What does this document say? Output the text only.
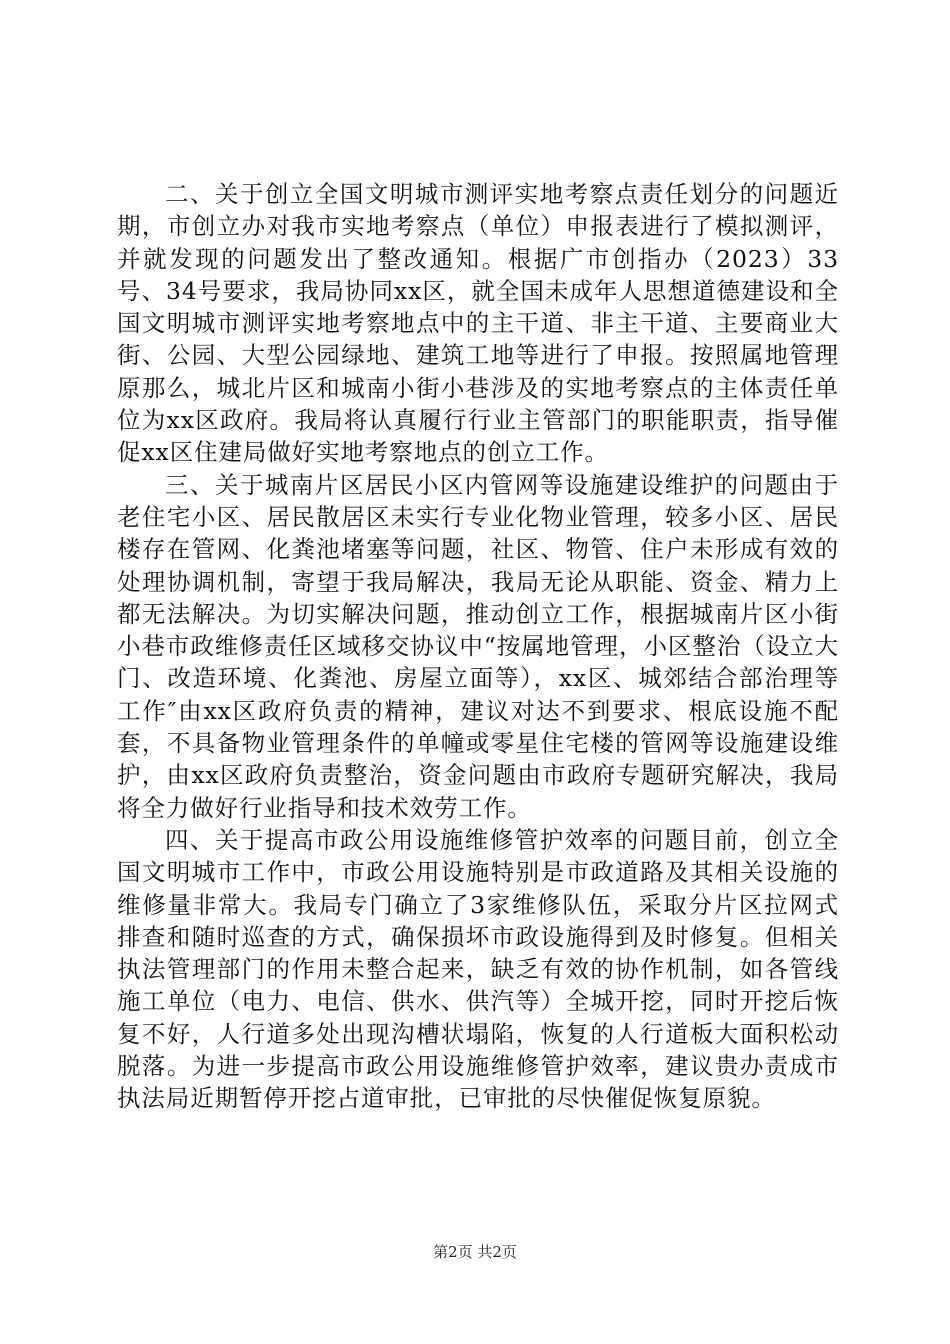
二、关于创立全国文明城市测评实地考察点责任划分的问题近期，市创立办对我市实地考察点（单位）申报表进行了模拟测评，并就发现的问题发出了整改通知。根据广市创指办（2023）33号、34号要求，我局协同xx区，就全国未成年人思想道德建设和全国文明城市测评实地考察地点中的主干道、非主干道、主要商业大街、公园、大型公园绿地、建筑工地等进行了申报。按照属地管理原那么，城北片区和城南小街小巷涉及的实地考察点的主体责任单位为xx区政府。我局将认真履行行业主管部门的职能职责，指导催促xx区住建局做好实地考察地点的创立工作。

三、关于城南片区居民小区内管网等设施建设维护的问题由于老住宅小区、居民散居区未实行专业化物业管理，较多小区、居民楼存在管网、化粪池堵塞等问题，社区、物管、住户未形成有效的处理协调机制，寄望于我局解决，我局无论从职能、资金、精力上都无法解决。为切实解决问题，推动创立工作，根据城南片区小街小巷市政维修责任区域移交协议中“按属地管理，小区整治（设立大门、改造环境、化粪池、房屋立面等），xx区、城郊结合部治理等工作″由xx区政府负责的精神，建议对达不到要求、根底设施不配套，不具备物业管理条件的单幢或零星住宅楼的管网等设施建设维护，由xx区政府负责整治，资金问题由市政府专题研究解决，我局将全力做好行业指导和技术效劳工作。

四、关于提高市政公用设施维修管护效率的问题目前，创立全国文明城市工作中，市政公用设施特别是市政道路及其相关设施的维修量非常大。我局专门确立了3家维修队伍，采取分片区拉网式排查和随时巡查的方式，确保损坏市政设施得到及时修复。但相关执法管理部门的作用未整合起来，缺乏有效的协作机制，如各管线施工单位（电力、电信、供水、供汽等）全城开挖，同时开挖后恢复不好，人行道多处出现沟槽状塌陷，恢复的人行道板大面积松动脱落。为进一步提高市政公用设施维修管护效率，建议贵办责成市执法局近期暂停开挖占道审批，已审批的尽快催促恢复原貌。

第2页 共2页
